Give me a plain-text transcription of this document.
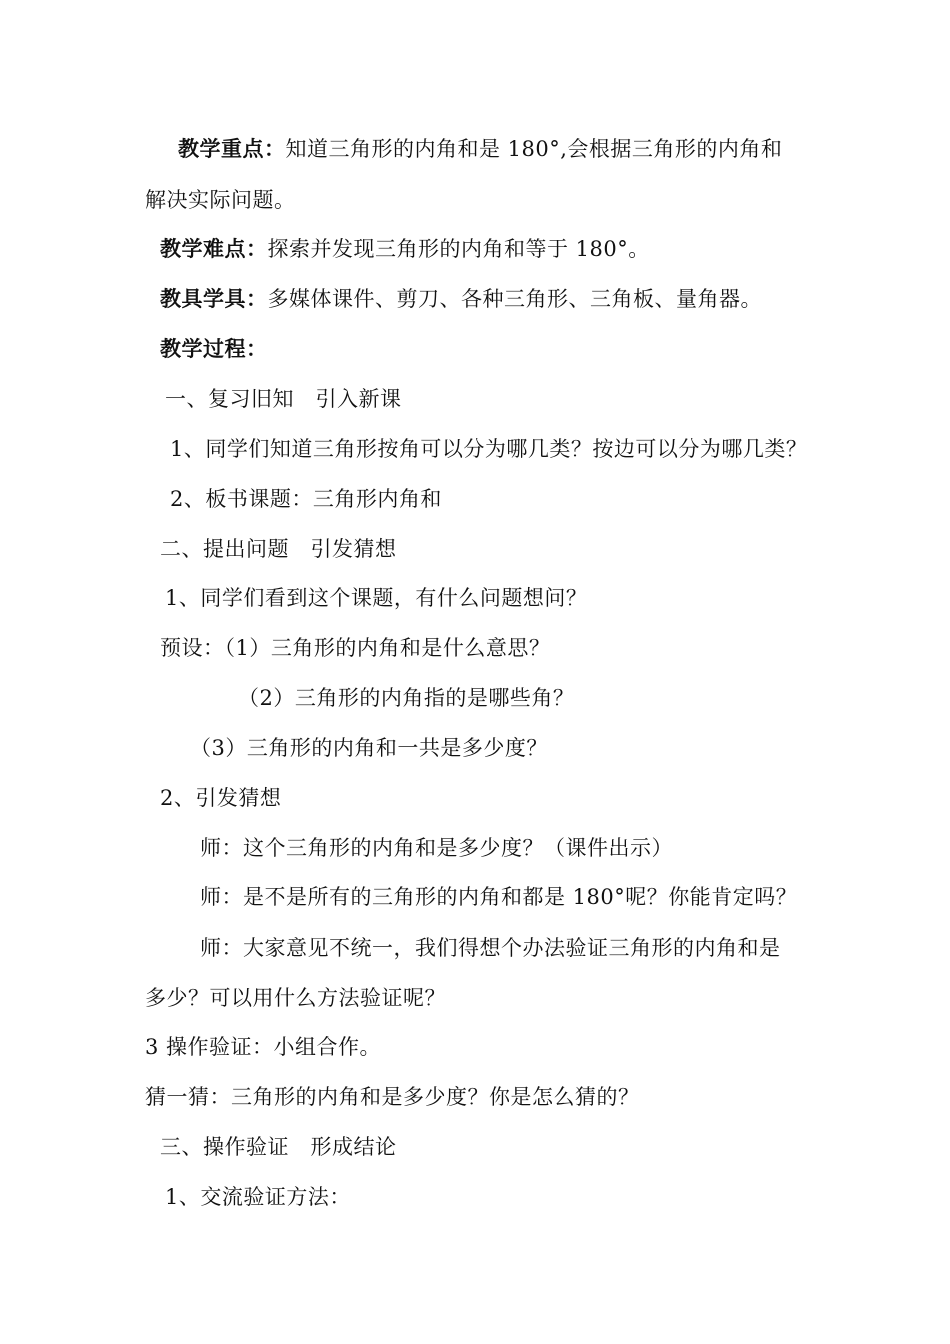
教学重点：知道三角形的内角和是 180°,会根据三角形的内角和
解决实际问题。
教学难点：探索并发现三角形的内角和等于 180°。
教具学具：多媒体课件、剪刀、各种三角形、三角板、量角器。
教学过程：
一、复习旧知　引入新课
1、同学们知道三角形按角可以分为哪几类？按边可以分为哪几类？
2、板书课题：三角形内角和
二、提出问题　引发猜想
1、同学们看到这个课题，有什么问题想问？
预设：（1）三角形的内角和是什么意思？
（2）三角形的内角指的是哪些角？
（3）三角形的内角和一共是多少度？
2、引发猜想
师：这个三角形的内角和是多少度？（课件出示）
师：是不是所有的三角形的内角和都是 180°呢？你能肯定吗？
师：大家意见不统一，我们得想个办法验证三角形的内角和是
多少？可以用什么方法验证呢？
3 操作验证：小组合作。
猜一猜：三角形的内角和是多少度？你是怎么猜的？
三、操作验证　形成结论
1、交流验证方法：
